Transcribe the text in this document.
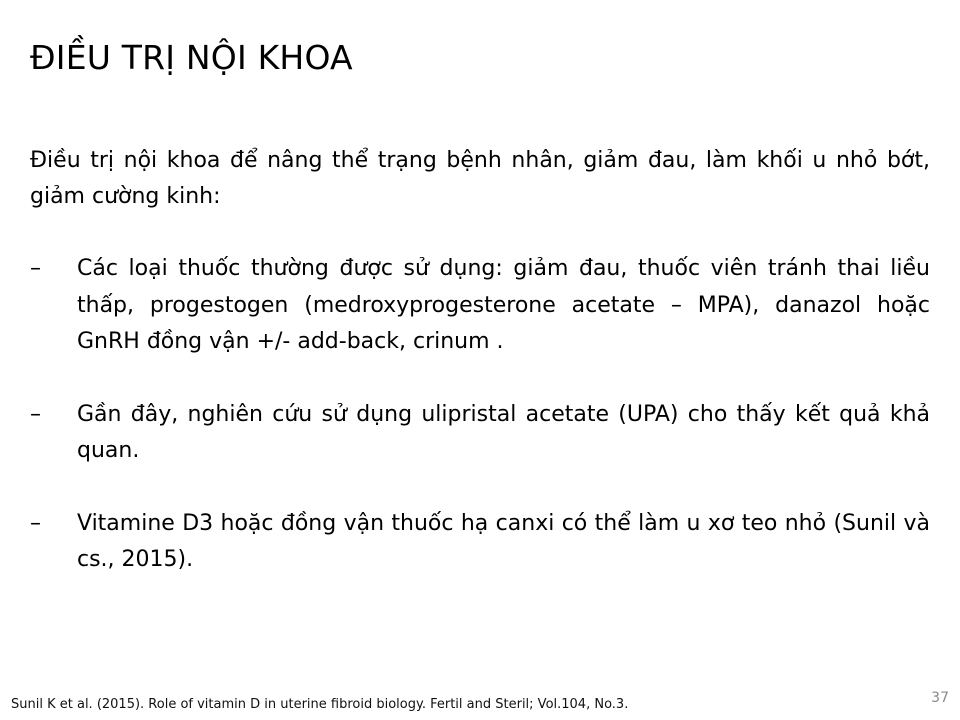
ĐIỀU TRỊ NỘI KHOA

Điều trị nội khoa để nâng thể trạng bệnh nhân, giảm đau, làm khối u nhỏ bớt, giảm cường kinh:

–	Các loại thuốc thường được sử dụng: giảm đau, thuốc viên tránh thai liều thấp, progestogen (medroxyprogesterone acetate – MPA), danazol hoặc GnRH đồng vận +/- add-back, crinum .
–	Gần đây, nghiên cứu sử dụng ulipristal acetate (UPA) cho thấy kết quả khả quan.
–	Vitamine D3 hoặc đồng vận thuốc hạ canxi có thể làm u xơ teo nhỏ (Sunil và cs., 2015).
Sunil K et al. (2015). Role of vitamin D in uterine fibroid biology. Fertil and Steril; Vol.104, No.3.	37
